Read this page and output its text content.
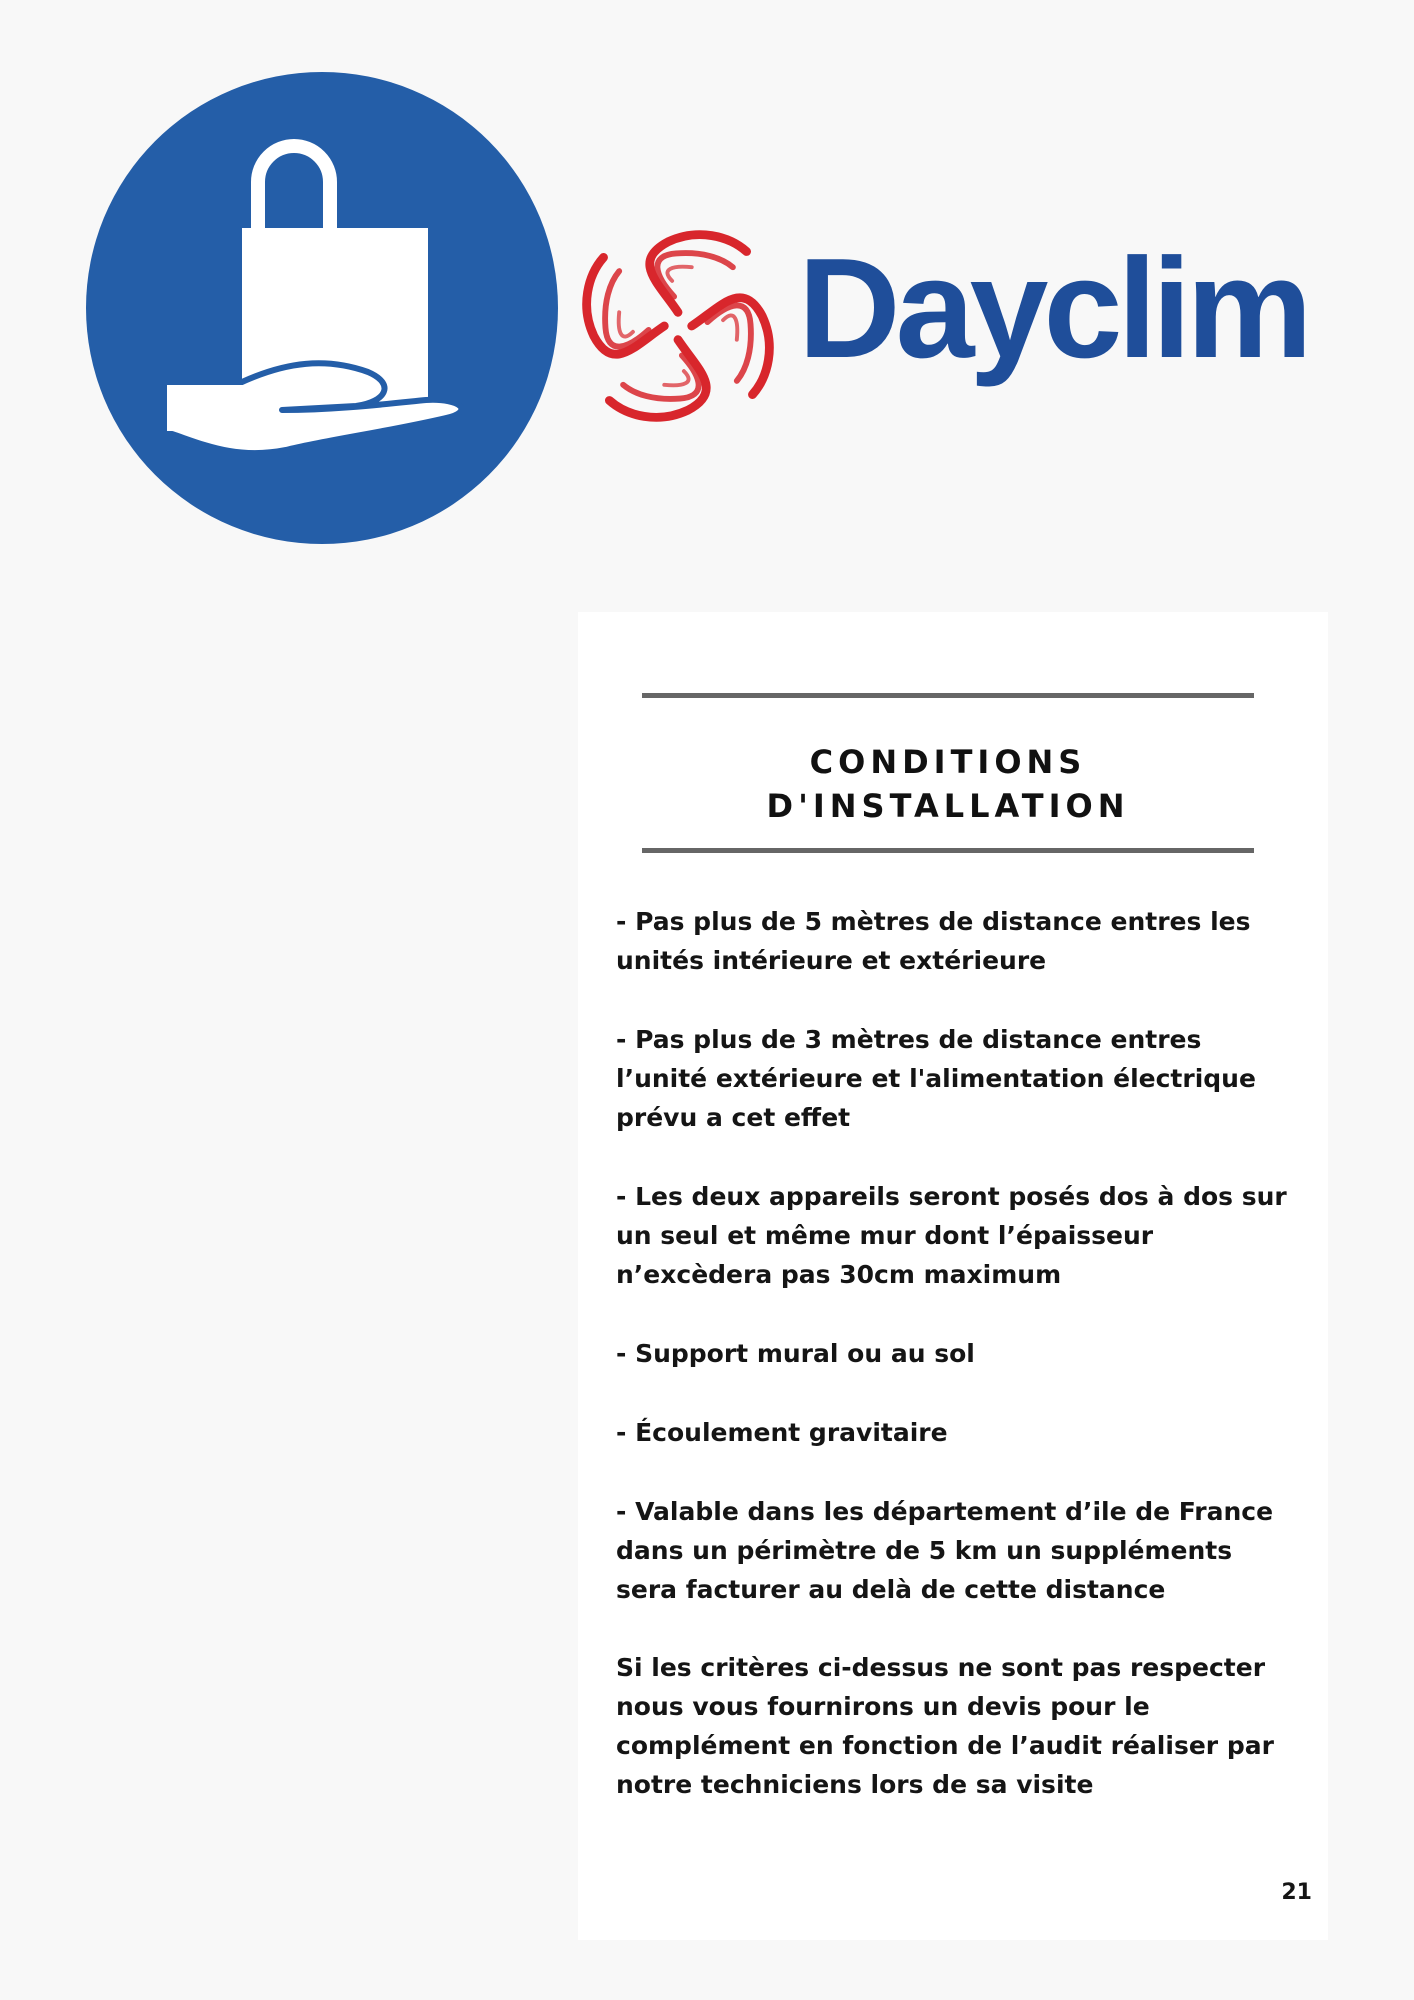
Dayclim
CONDITIONS
D'INSTALLATION
- Pas plus de 5 mètres de distance entres les unités intérieure et extérieure
- Pas plus de 3 mètres de distance entres l’unité extérieure et l'alimentation électrique prévu a cet effet
- Les deux appareils seront posés dos à dos sur un seul et même mur dont l’épaisseur n’excèdera pas 30cm maximum
- Support mural ou au sol
- Écoulement gravitaire
- Valable dans les département d’ile de France dans un périmètre de 5 km un suppléments sera facturer au delà de cette distance

Si les critères ci-dessus ne sont pas respecter nous vous fournirons un devis pour le complément en fonction de l’audit réaliser par notre techniciens lors de sa visite

21
